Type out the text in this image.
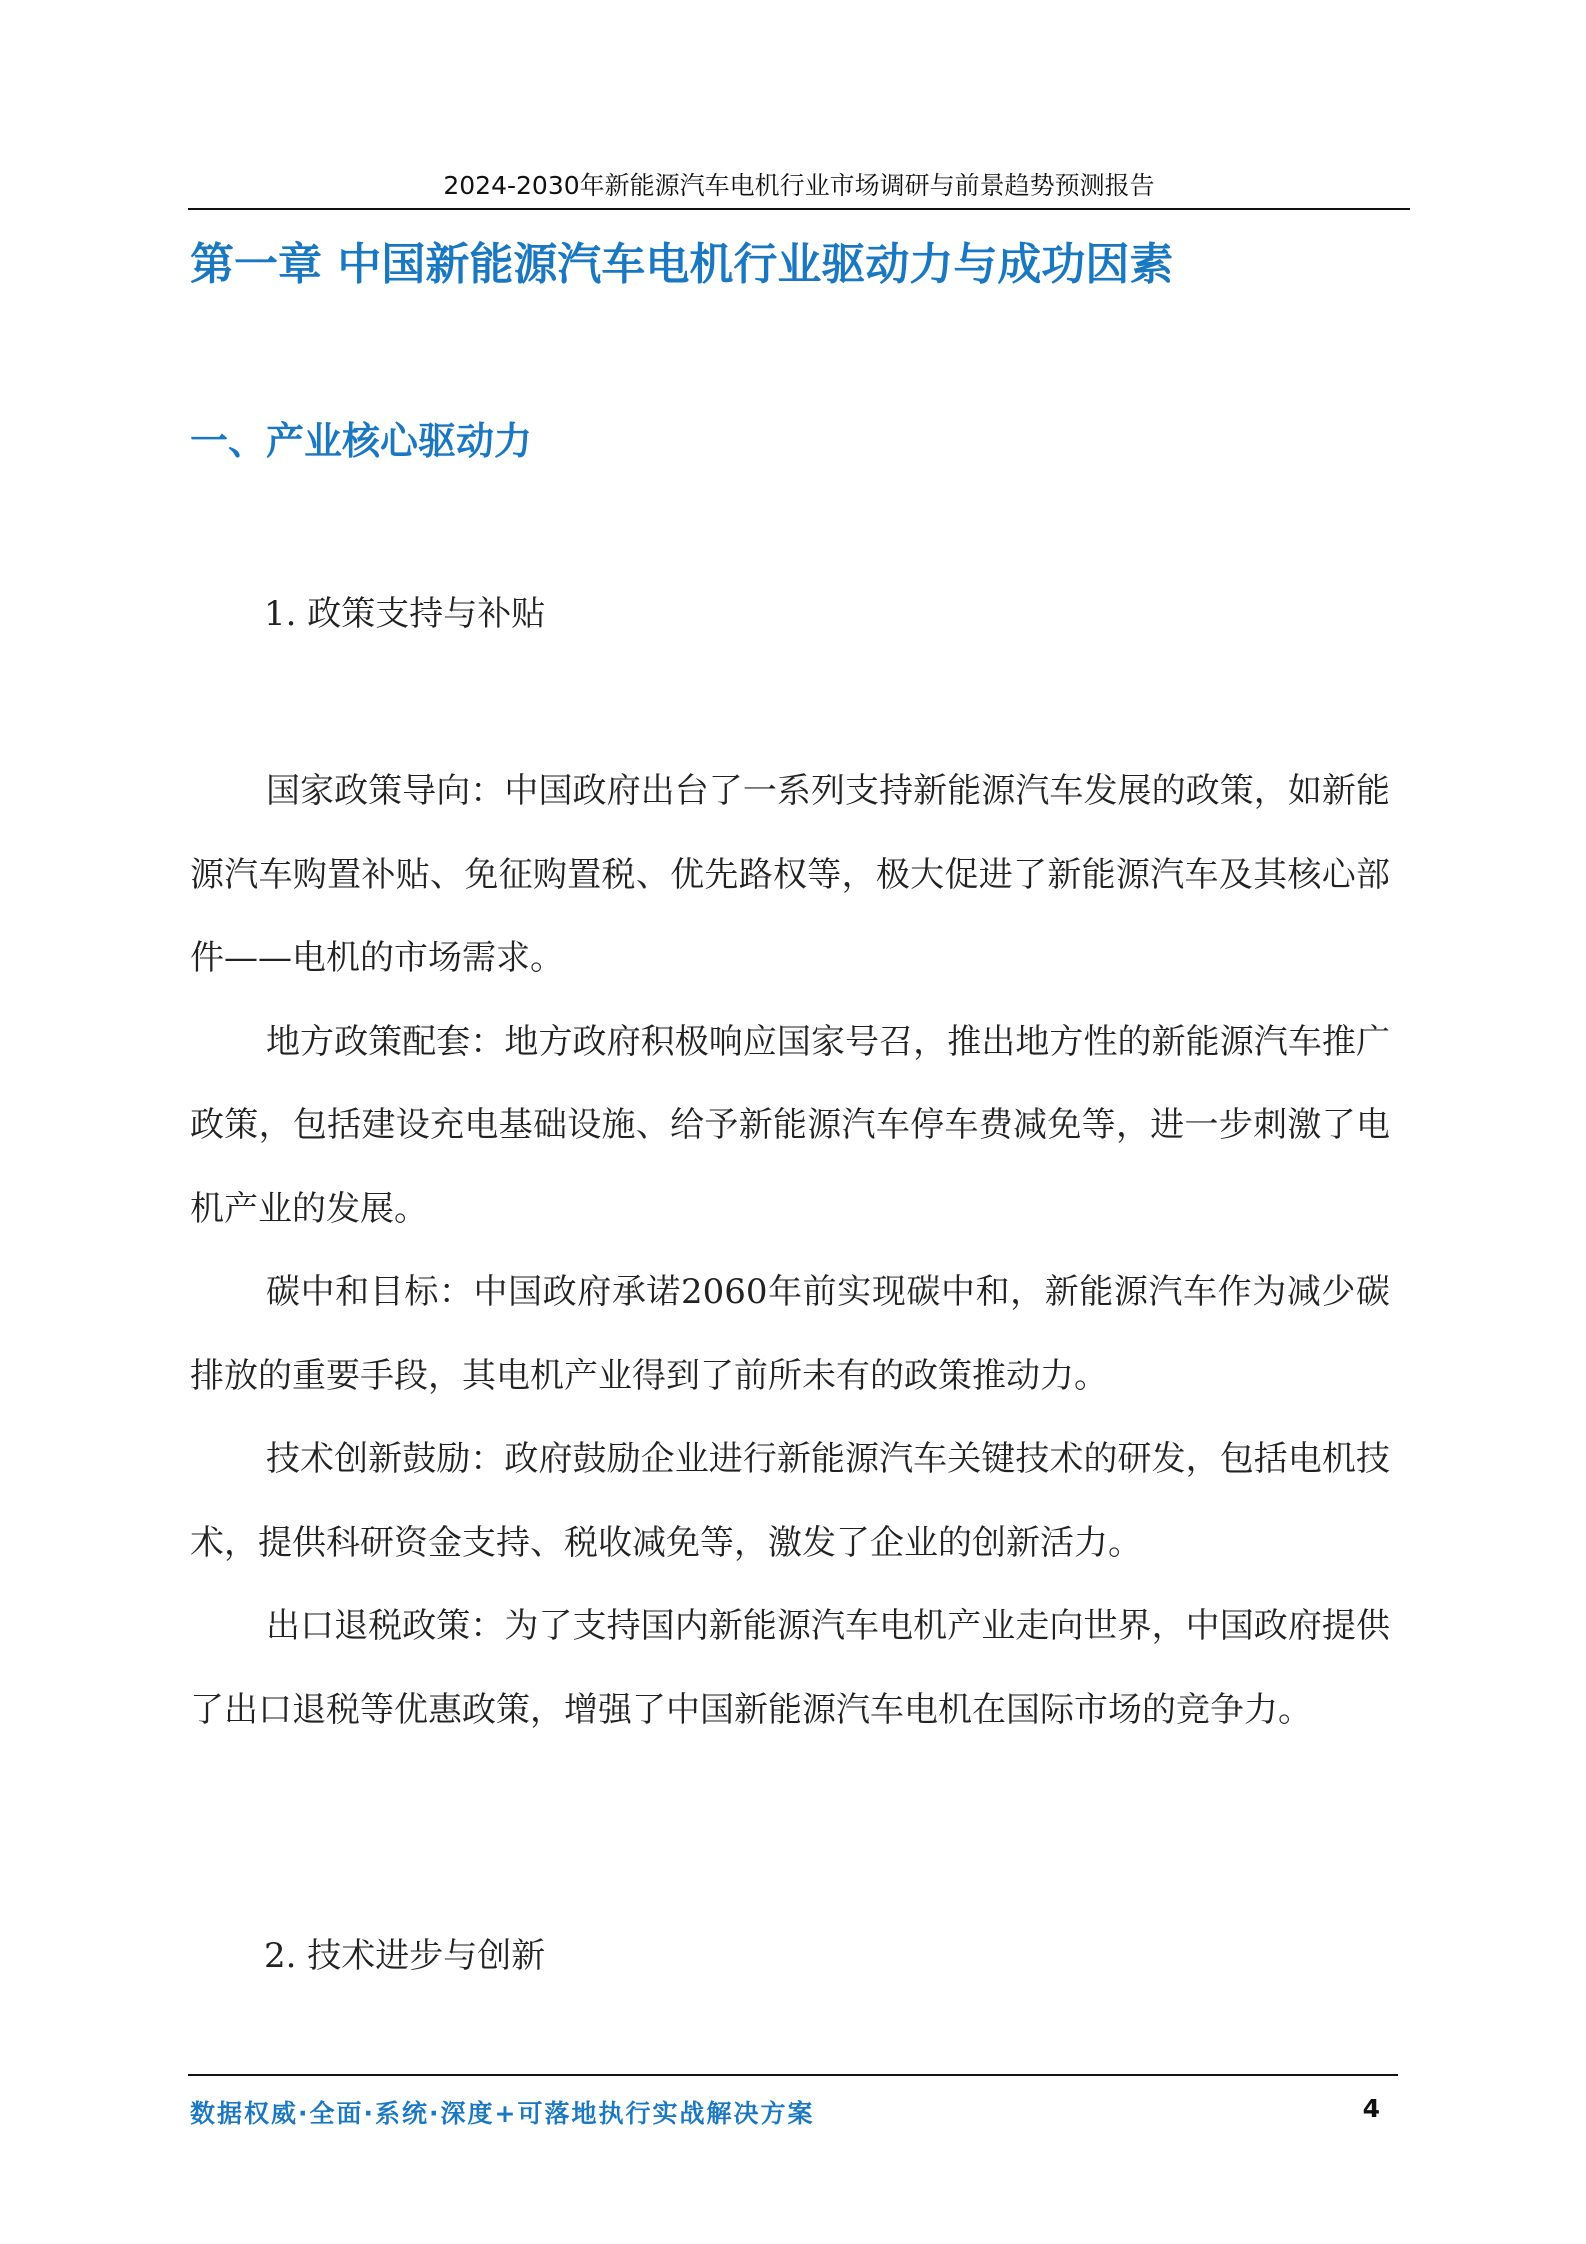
2024-2030年新能源汽车电机行业市场调研与前景趋势预测报告
第一章 中国新能源汽车电机行业驱动力与成功因素
一、产业核心驱动力
1. 政策支持与补贴

国家政策导向：中国政府出台了一系列支持新能源汽车发展的政策，如新能源汽车购置补贴、免征购置税、优先路权等，极大促进了新能源汽车及其核心部件——电机的市场需求。

地方政策配套：地方政府积极响应国家号召，推出地方性的新能源汽车推广政策，包括建设充电基础设施、给予新能源汽车停车费减免等，进一步刺激了电机产业的发展。

碳中和目标：中国政府承诺2060年前实现碳中和，新能源汽车作为减少碳排放的重要手段，其电机产业得到了前所未有的政策推动力。

技术创新鼓励：政府鼓励企业进行新能源汽车关键技术的研发，包括电机技术，提供科研资金支持、税收减免等，激发了企业的创新活力。

出口退税政策：为了支持国内新能源汽车电机产业走向世界，中国政府提供了出口退税等优惠政策，增强了中国新能源汽车电机在国际市场的竞争力。

2. 技术进步与创新
数据权威·全面·系统·深度+可落地执行实战解决方案	4
